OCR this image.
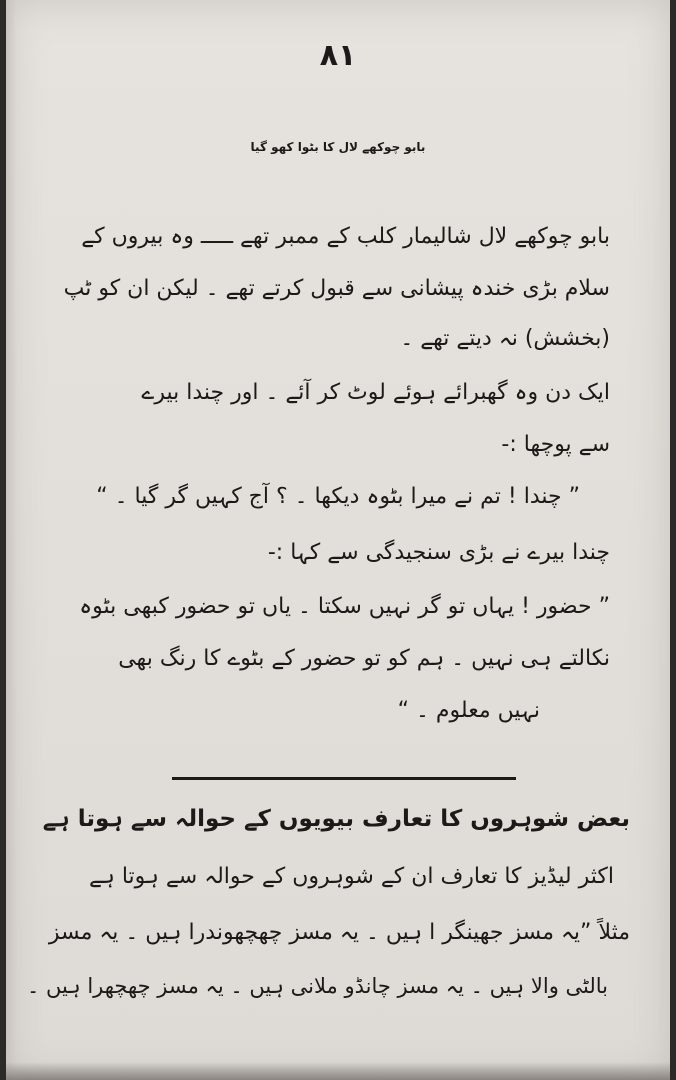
۸۱
بابو چوکھے لال کا بٹوا کھو گیا
بابو چوکھے لال شالیمار کلب کے ممبر تھے ـــــ وہ بیروں کے
سلام بڑی خندہ پیشانی سے قبول کرتے تھے ۔ لیکن ان کو ٹپ
(بخشش) نہ دیتے تھے ۔
ایک دن وہ گھبرائے ہوئے لوٹ کر آئے ۔ اور چندا بیرے
سے پوچھا :-
” چندا ! تم نے میرا بٹوہ دیکھا ۔ ؟ آج کہیں گر گیا ۔ “
چندا بیرے نے بڑی سنجیدگی سے کہا :-
” حضور ! یہاں تو گر نہیں سکتا ۔ یاں تو حضور کبھی بٹوہ
نکالتے ہی نہیں ۔ ہم کو تو حضور کے بٹوے کا رنگ بھی
نہیں معلوم ۔ “
بعض شوہروں کا تعارف بیویوں کے حوالہ سے ہوتا ہے
اکثر لیڈیز کا تعارف ان کے شوہروں کے حوالہ سے ہوتا ہے
مثلاً ”یہ مسز جھینگر ا ہیں ۔ یہ مسز چھچھوندرا ہیں ۔ یہ مسز
بالٹی والا ہیں ۔ یہ مسز چانڈو ملانی ہیں ۔ یہ مسز چھچھرا ہیں ۔
